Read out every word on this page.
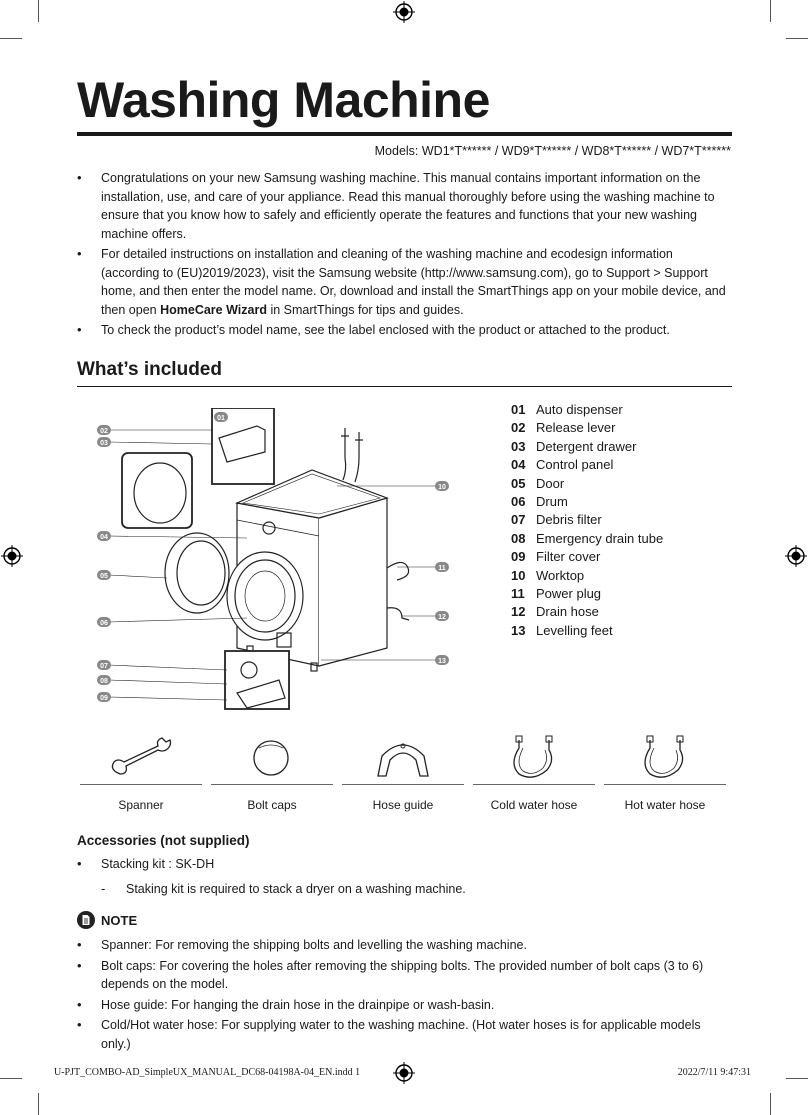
Washing Machine
Models: WD1*T****** / WD9*T****** / WD8*T****** / WD7*T******
• Congratulations on your new Samsung washing machine. This manual contains important information on the installation, use, and care of your appliance. Read this manual thoroughly before using the washing machine to ensure that you know how to safely and efficiently operate the features and functions that your new washing machine offers.
• For detailed instructions on installation and cleaning of the washing machine and ecodesign information (according to (EU)2019/2023), visit the Samsung website (http://www.samsung.com), go to Support > Support home, and then enter the model name. Or, download and install the SmartThings app on your mobile device, and then open HomeCare Wizard in SmartThings for tips and guides.
• To check the product’s model name, see the label enclosed with the product or attached to the product.
What’s included
01
02
03
04
05
06
07
08
09
10
11
12
13
01 Auto dispenser
02 Release lever
03 Detergent drawer
04 Control panel
05 Door
06 Drum
07 Debris filter
08 Emergency drain tube
09 Filter cover
10 Worktop
11 Power plug
12 Drain hose
13 Levelling feet
Spanner	Bolt caps	Hose guide	Cold water hose	Hot water hose
Accessories (not supplied)
• Stacking kit : SK-DH
- Staking kit is required to stack a dryer on a washing machine.
NOTE
• Spanner: For removing the shipping bolts and levelling the washing machine.
• Bolt caps: For covering the holes after removing the shipping bolts. The provided number of bolt caps (3 to 6) depends on the model.
• Hose guide: For hanging the drain hose in the drainpipe or wash-basin.
• Cold/Hot water hose: For supplying water to the washing machine. (Hot water hoses is for applicable models only.)
U-PJT_COMBO-AD_SimpleUX_MANUAL_DC68-04198A-04_EN.indd 1	2022/7/11 9:47:31
